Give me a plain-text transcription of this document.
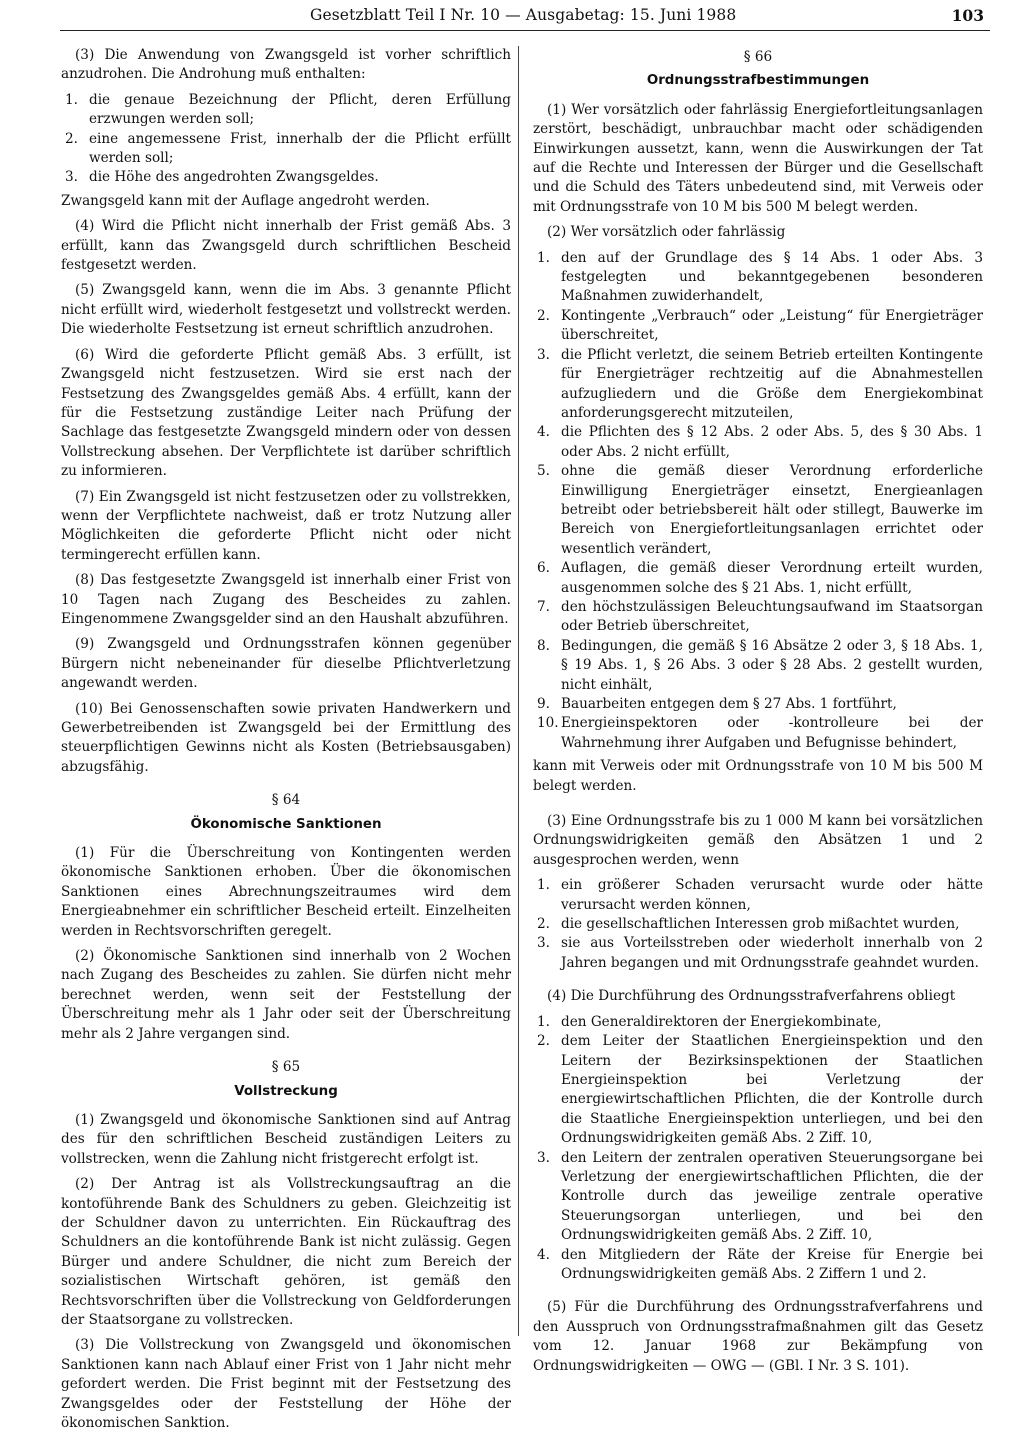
Gesetzblatt Teil I Nr. 10 — Ausgabetag: 15. Juni 1988	103

(3) Die Anwendung von Zwangsgeld ist vorher schriftlich anzudrohen. Die Androhung muß enthalten:

1. die genaue Bezeichnung der Pflicht, deren Erfüllung erzwungen werden soll;
2. eine angemessene Frist, innerhalb der die Pflicht erfüllt werden soll;
3. die Höhe des angedrohten Zwangsgeldes.

Zwangsgeld kann mit der Auflage angedroht werden.

(4) Wird die Pflicht nicht innerhalb der Frist gemäß Abs. 3 erfüllt, kann das Zwangsgeld durch schriftlichen Bescheid festgesetzt werden.

(5) Zwangsgeld kann, wenn die im Abs. 3 genannte Pflicht nicht erfüllt wird, wiederholt festgesetzt und vollstreckt werden. Die wiederholte Festsetzung ist erneut schriftlich anzudrohen.

(6) Wird die geforderte Pflicht gemäß Abs. 3 erfüllt, ist Zwangsgeld nicht festzusetzen. Wird sie erst nach der Festsetzung des Zwangsgeldes gemäß Abs. 4 erfüllt, kann der für die Festsetzung zuständige Leiter nach Prüfung der Sachlage das festgesetzte Zwangsgeld mindern oder von dessen Vollstreckung absehen. Der Verpflichtete ist darüber schriftlich zu informieren.

(7) Ein Zwangsgeld ist nicht festzusetzen oder zu vollstrekken, wenn der Verpflichtete nachweist, daß er trotz Nutzung aller Möglichkeiten die geforderte Pflicht nicht oder nicht termingerecht erfüllen kann.

(8) Das festgesetzte Zwangsgeld ist innerhalb einer Frist von 10 Tagen nach Zugang des Bescheides zu zahlen. Eingenommene Zwangsgelder sind an den Haushalt abzuführen.

(9) Zwangsgeld und Ordnungsstrafen können gegenüber Bürgern nicht nebeneinander für dieselbe Pflichtverletzung angewandt werden.

(10) Bei Genossenschaften sowie privaten Handwerkern und Gewerbetreibenden ist Zwangsgeld bei der Ermittlung des steuerpflichtigen Gewinns nicht als Kosten (Betriebsausgaben) abzugsfähig.

§ 64
Ökonomische Sanktionen

(1) Für die Überschreitung von Kontingenten werden ökonomische Sanktionen erhoben. Über die ökonomischen Sanktionen eines Abrechnungszeitraumes wird dem Energieabnehmer ein schriftlicher Bescheid erteilt. Einzelheiten werden in Rechtsvorschriften geregelt.

(2) Ökonomische Sanktionen sind innerhalb von 2 Wochen nach Zugang des Bescheides zu zahlen. Sie dürfen nicht mehr berechnet werden, wenn seit der Feststellung der Überschreitung mehr als 1 Jahr oder seit der Überschreitung mehr als 2 Jahre vergangen sind.

§ 65
Vollstreckung

(1) Zwangsgeld und ökonomische Sanktionen sind auf Antrag des für den schriftlichen Bescheid zuständigen Leiters zu vollstrecken, wenn die Zahlung nicht fristgerecht erfolgt ist.

(2) Der Antrag ist als Vollstreckungsauftrag an die kontoführende Bank des Schuldners zu geben. Gleichzeitig ist der Schuldner davon zu unterrichten. Ein Rückauftrag des Schuldners an die kontoführende Bank ist nicht zulässig. Gegen Bürger und andere Schuldner, die nicht zum Bereich der sozialistischen Wirtschaft gehören, ist gemäß den Rechtsvorschriften über die Vollstreckung von Geldforderungen der Staatsorgane zu vollstrecken.

(3) Die Vollstreckung von Zwangsgeld und ökonomischen Sanktionen kann nach Ablauf einer Frist von 1 Jahr nicht mehr gefordert werden. Die Frist beginnt mit der Festsetzung des Zwangsgeldes oder der Feststellung der Höhe der ökonomischen Sanktion.

§ 66
Ordnungsstrafbestimmungen

(1) Wer vorsätzlich oder fahrlässig Energiefortleitungsanlagen zerstört, beschädigt, unbrauchbar macht oder schädigenden Einwirkungen aussetzt, kann, wenn die Auswirkungen der Tat auf die Rechte und Interessen der Bürger und die Gesellschaft und die Schuld des Täters unbedeutend sind, mit Verweis oder mit Ordnungsstrafe von 10 M bis 500 M belegt werden.

(2) Wer vorsätzlich oder fahrlässig

1. den auf der Grundlage des § 14 Abs. 1 oder Abs. 3 festgelegten und bekanntgegebenen besonderen Maßnahmen zuwiderhandelt,
2. Kontingente „Verbrauch“ oder „Leistung“ für Energieträger überschreitet,
3. die Pflicht verletzt, die seinem Betrieb erteilten Kontingente für Energieträger rechtzeitig auf die Abnahmestellen aufzugliedern und die Größe dem Energiekombinat anforderungsgerecht mitzuteilen,
4. die Pflichten des § 12 Abs. 2 oder Abs. 5, des § 30 Abs. 1 oder Abs. 2 nicht erfüllt,
5. ohne die gemäß dieser Verordnung erforderliche Einwilligung Energieträger einsetzt, Energieanlagen betreibt oder betriebsbereit hält oder stillegt, Bauwerke im Bereich von Energiefortleitungsanlagen errichtet oder wesentlich verändert,
6. Auflagen, die gemäß dieser Verordnung erteilt wurden, ausgenommen solche des § 21 Abs. 1, nicht erfüllt,
7. den höchstzulässigen Beleuchtungsaufwand im Staatsorgan oder Betrieb überschreitet,
8. Bedingungen, die gemäß § 16 Absätze 2 oder 3, § 18 Abs. 1, § 19 Abs. 1, § 26 Abs. 3 oder § 28 Abs. 2 gestellt wurden, nicht einhält,
9. Bauarbeiten entgegen dem § 27 Abs. 1 fortführt,
10. Energieinspektoren oder -kontrolleure bei der Wahrnehmung ihrer Aufgaben und Befugnisse behindert,

kann mit Verweis oder mit Ordnungsstrafe von 10 M bis 500 M belegt werden.

(3) Eine Ordnungsstrafe bis zu 1 000 M kann bei vorsätzlichen Ordnungswidrigkeiten gemäß den Absätzen 1 und 2 ausgesprochen werden, wenn

1. ein größerer Schaden verursacht wurde oder hätte verursacht werden können,
2. die gesellschaftlichen Interessen grob mißachtet wurden,
3. sie aus Vorteilsstreben oder wiederholt innerhalb von 2 Jahren begangen und mit Ordnungsstrafe geahndet wurden.

(4) Die Durchführung des Ordnungsstrafverfahrens obliegt

1. den Generaldirektoren der Energiekombinate,
2. dem Leiter der Staatlichen Energieinspektion und den Leitern der Bezirksinspektionen der Staatlichen Energieinspektion bei Verletzung der energiewirtschaftlichen Pflichten, die der Kontrolle durch die Staatliche Energieinspektion unterliegen, und bei den Ordnungswidrigkeiten gemäß Abs. 2 Ziff. 10,
3. den Leitern der zentralen operativen Steuerungsorgane bei Verletzung der energiewirtschaftlichen Pflichten, die der Kontrolle durch das jeweilige zentrale operative Steuerungsorgan unterliegen, und bei den Ordnungswidrigkeiten gemäß Abs. 2 Ziff. 10,
4. den Mitgliedern der Räte der Kreise für Energie bei Ordnungswidrigkeiten gemäß Abs. 2 Ziffern 1 und 2.

(5) Für die Durchführung des Ordnungsstrafverfahrens und den Ausspruch von Ordnungsstrafmaßnahmen gilt das Gesetz vom 12. Januar 1968 zur Bekämpfung von Ordnungswidrigkeiten — OWG — (GBl. I Nr. 3 S. 101).
